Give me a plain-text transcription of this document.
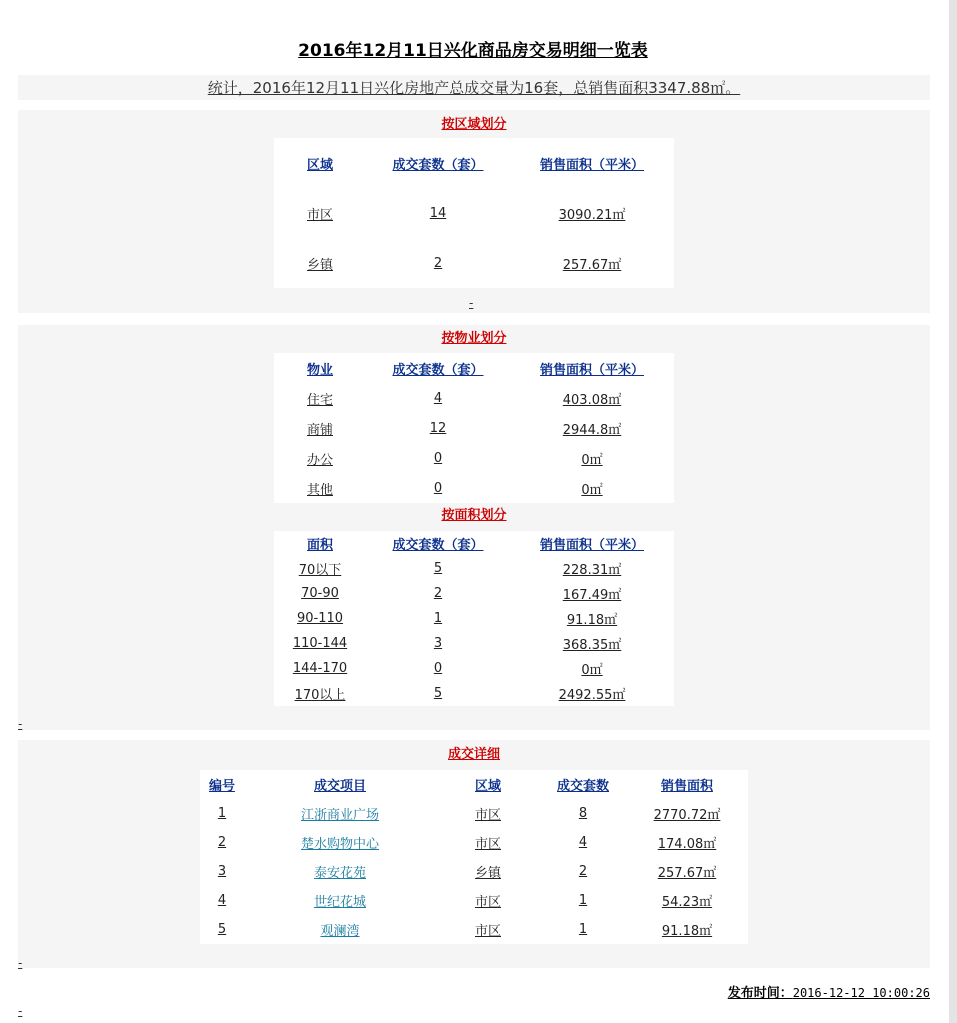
2016年12月11日兴化商品房交易明细一览表
统计，2016年12月11日兴化房地产总成交量为16套，总销售面积3347.88㎡。
按区域划分
区域	成交套数（套）	销售面积（平米）
市区	14	3090.21㎡
乡镇	2	257.67㎡
-
按物业划分
物业	成交套数（套）	销售面积（平米）
住宅	4	403.08㎡
商铺	12	2944.8㎡
办公	0	0㎡
其他	0	0㎡
按面积划分
面积	成交套数（套）	销售面积（平米）
70以下	5	228.31㎡
70-90	2	167.49㎡
90-110	1	91.18㎡
110-144	3	368.35㎡
144-170	0	0㎡
170以上	5	2492.55㎡
-
成交详细
编号	成交项目	区域	成交套数	销售面积
1	江浙商业广场	市区	8	2770.72㎡
2	楚水购物中心	市区	4	174.08㎡
3	泰安花苑	乡镇	2	257.67㎡
4	世纪花城	市区	1	54.23㎡
5	观澜湾	市区	1	91.18㎡
-
发布时间：2016-12-12 10:00:26
-
